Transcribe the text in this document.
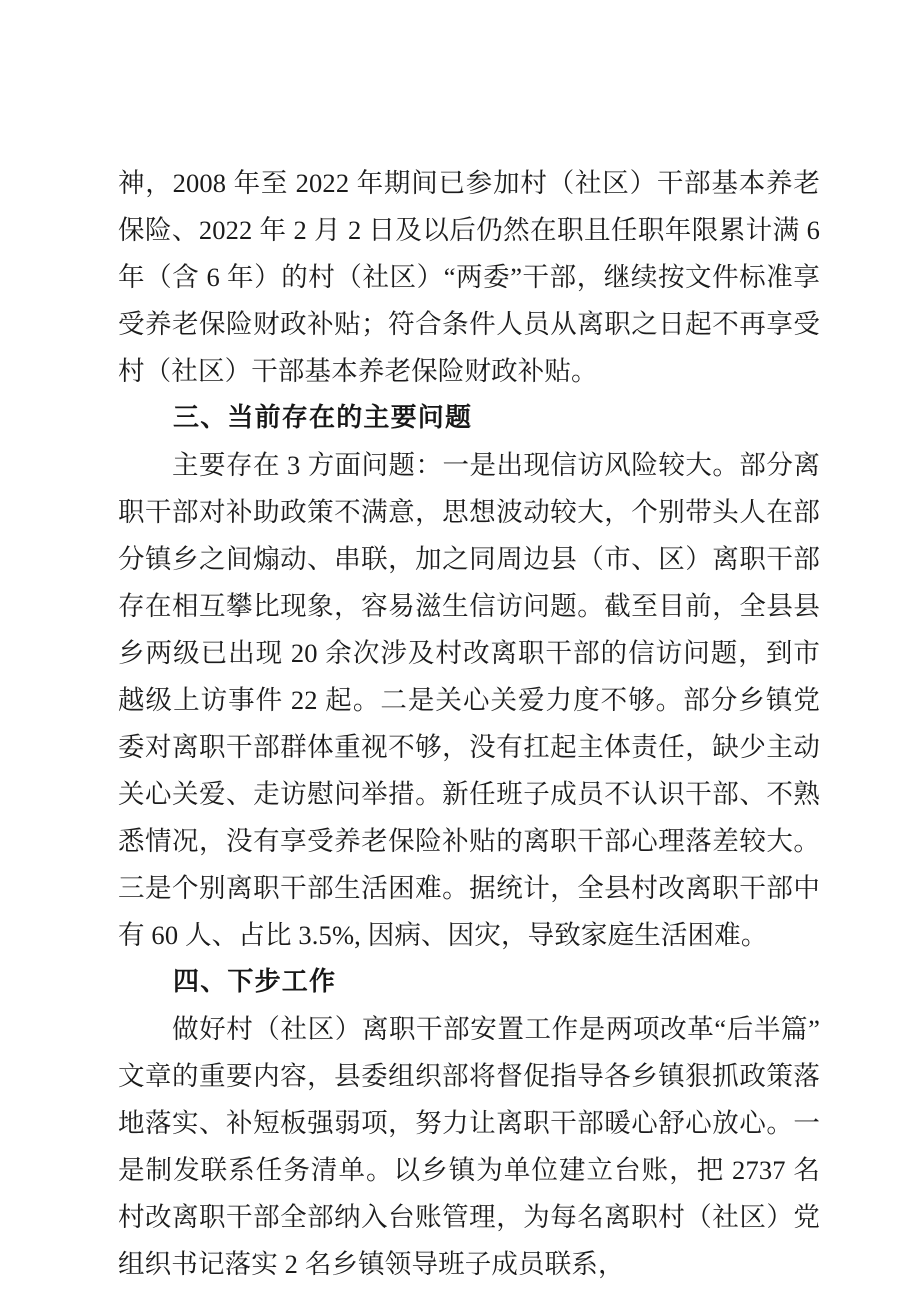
神，2008 年至 2022 年期间已参加村（社区）干部基本养老保险、2022 年 2 月 2 日及以后仍然在职且任职年限累计满 6 年（含 6 年）的村（社区）“两委”干部，继续按文件标准享受养老保险财政补贴；符合条件人员从离职之日起不再享受村（社区）干部基本养老保险财政补贴。

三、当前存在的主要问题

主要存在 3 方面问题：一是出现信访风险较大。部分离职干部对补助政策不满意，思想波动较大，个别带头人在部分镇乡之间煽动、串联，加之同周边县（市、区）离职干部存在相互攀比现象，容易滋生信访问题。截至目前，全县县乡两级已出现 20 余次涉及村改离职干部的信访问题，到市越级上访事件 22 起。二是关心关爱力度不够。部分乡镇党委对离职干部群体重视不够，没有扛起主体责任，缺少主动关心关爱、走访慰问举措。新任班子成员不认识干部、不熟悉情况，没有享受养老保险补贴的离职干部心理落差较大。三是个别离职干部生活困难。据统计，全县村改离职干部中有 60 人、占比 3.5%, 因病、因灾，导致家庭生活困难。

四、下步工作

做好村（社区）离职干部安置工作是两项改革“后半篇”文章的重要内容，县委组织部将督促指导各乡镇狠抓政策落地落实、补短板强弱项，努力让离职干部暖心舒心放心。一是制发联系任务清单。以乡镇为单位建立台账，把 2737 名村改离职干部全部纳入台账管理，为每名离职村（社区）党组织书记落实 2 名乡镇领导班子成员联系，
